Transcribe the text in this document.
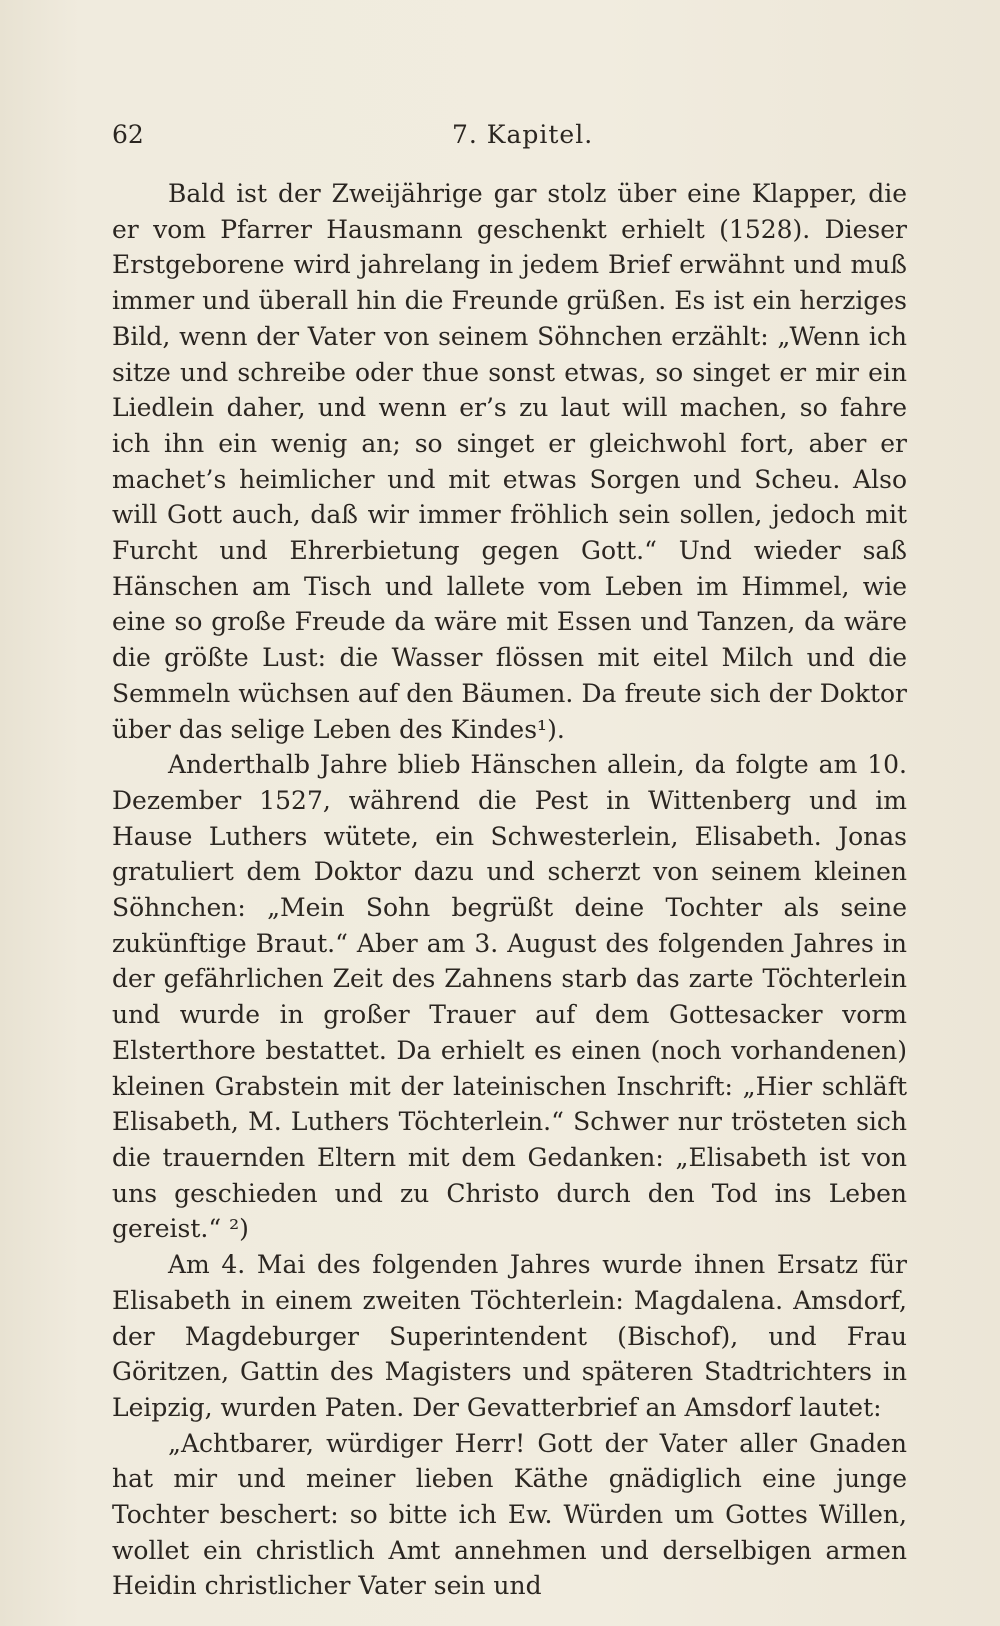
62	7. Kapitel.

Bald ist der Zweijährige gar stolz über eine Klapper, die er vom Pfarrer Hausmann geschenkt erhielt (1528). Dieser Erstgeborene wird jahrelang in jedem Brief erwähnt und muß immer und überall hin die Freunde grüßen. Es ist ein herziges Bild, wenn der Vater von seinem Söhnchen erzählt: „Wenn ich sitze und schreibe oder thue sonst etwas, so singet er mir ein Liedlein daher, und wenn er’s zu laut will machen, so fahre ich ihn ein wenig an; so singet er gleichwohl fort, aber er machet’s heimlicher und mit etwas Sorgen und Scheu. Also will Gott auch, daß wir immer fröhlich sein sollen, jedoch mit Furcht und Ehrerbietung gegen Gott.“ Und wieder saß Hänschen am Tisch und lallete vom Leben im Himmel, wie eine so große Freude da wäre mit Essen und Tanzen, da wäre die größte Lust: die Wasser flössen mit eitel Milch und die Semmeln wüchsen auf den Bäumen. Da freute sich der Doktor über das selige Leben des Kindes¹).

Anderthalb Jahre blieb Hänschen allein, da folgte am 10. Dezember 1527, während die Pest in Wittenberg und im Hause Luthers wütete, ein Schwesterlein, Elisabeth. Jonas gratuliert dem Doktor dazu und scherzt von seinem kleinen Söhnchen: „Mein Sohn begrüßt deine Tochter als seine zukünftige Braut.“ Aber am 3. August des folgenden Jahres in der gefährlichen Zeit des Zahnens starb das zarte Töchterlein und wurde in großer Trauer auf dem Gottesacker vorm Elsterthore bestattet. Da erhielt es einen (noch vorhandenen) kleinen Grabstein mit der lateinischen Inschrift: „Hier schläft Elisabeth, M. Luthers Töchterlein.“ Schwer nur trösteten sich die trauernden Eltern mit dem Gedanken: „Elisabeth ist von uns geschieden und zu Christo durch den Tod ins Leben gereist.“ ²)

Am 4. Mai des folgenden Jahres wurde ihnen Ersatz für Elisabeth in einem zweiten Töchterlein: Magdalena. Amsdorf, der Magdeburger Superintendent (Bischof), und Frau Göritzen, Gattin des Magisters und späteren Stadtrichters in Leipzig, wurden Paten. Der Gevatterbrief an Amsdorf lautet:

„Achtbarer, würdiger Herr! Gott der Vater aller Gnaden hat mir und meiner lieben Käthe gnädiglich eine junge Tochter beschert: so bitte ich Ew. Würden um Gottes Willen, wollet ein christlich Amt annehmen und derselbigen armen Heidin christlicher Vater sein und
